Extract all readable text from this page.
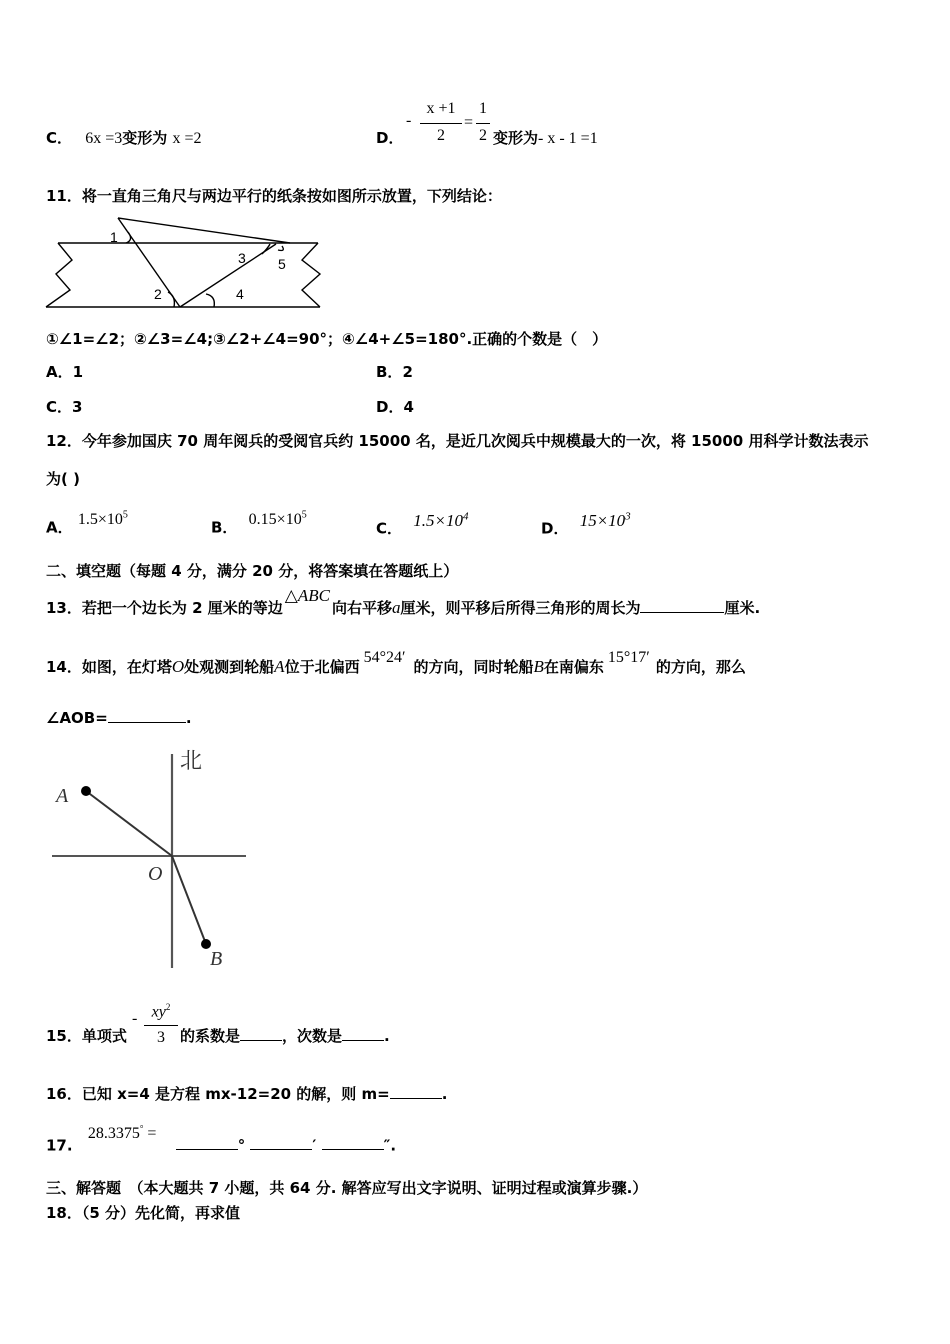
C． 6x =3变形为 x =2	D．
-
x +1
2
=
1
2 变形为- x - 1 =1
11．将一直角三角尺与两边平行的纸条按如图所示放置，下列结论：
1
2
3
4
5
①∠1=∠2；②∠3=∠4;③∠2+∠4=90°；④∠4+∠5=180°.正确的个数是（　）
A．1	B．2
C．3	D．4
12．今年参加国庆 70 周年阅兵的受阅官兵约 15000 名，是近几次阅兵中规模最大的一次，将 15000 用科学计数法表示
为( )
A． $1.5\times 10^5$
B． $0.15\times 10^5$
C． $1.5\times 10^4$
D． $15\times 10^3$
二、填空题（每题 4 分，满分 20 分，将答案填在答题纸上）
13．若把一个边长为 2 厘米的等边△ABC向右平移a厘米，则平移后所得三角形的周长为	厘米.
14．如图，在灯塔O处观测到轮船A位于北偏西54°24′的方向，同时轮船B在南偏东15°17′的方向，那么
∠AOB=	.
北
A
O
B
15．单项式
- $xy^2$
3	的系数是	，次数是	.
16．已知 x=4 是方程 mx-12=20 的解，则 m=	.
17. 28.3375° = °	′	″.
三、解答题　（本大题共 7 小题，共 64 分. 解答应写出文字说明、证明过程或演算步骤.）
18．（5 分）先化简，再求值
